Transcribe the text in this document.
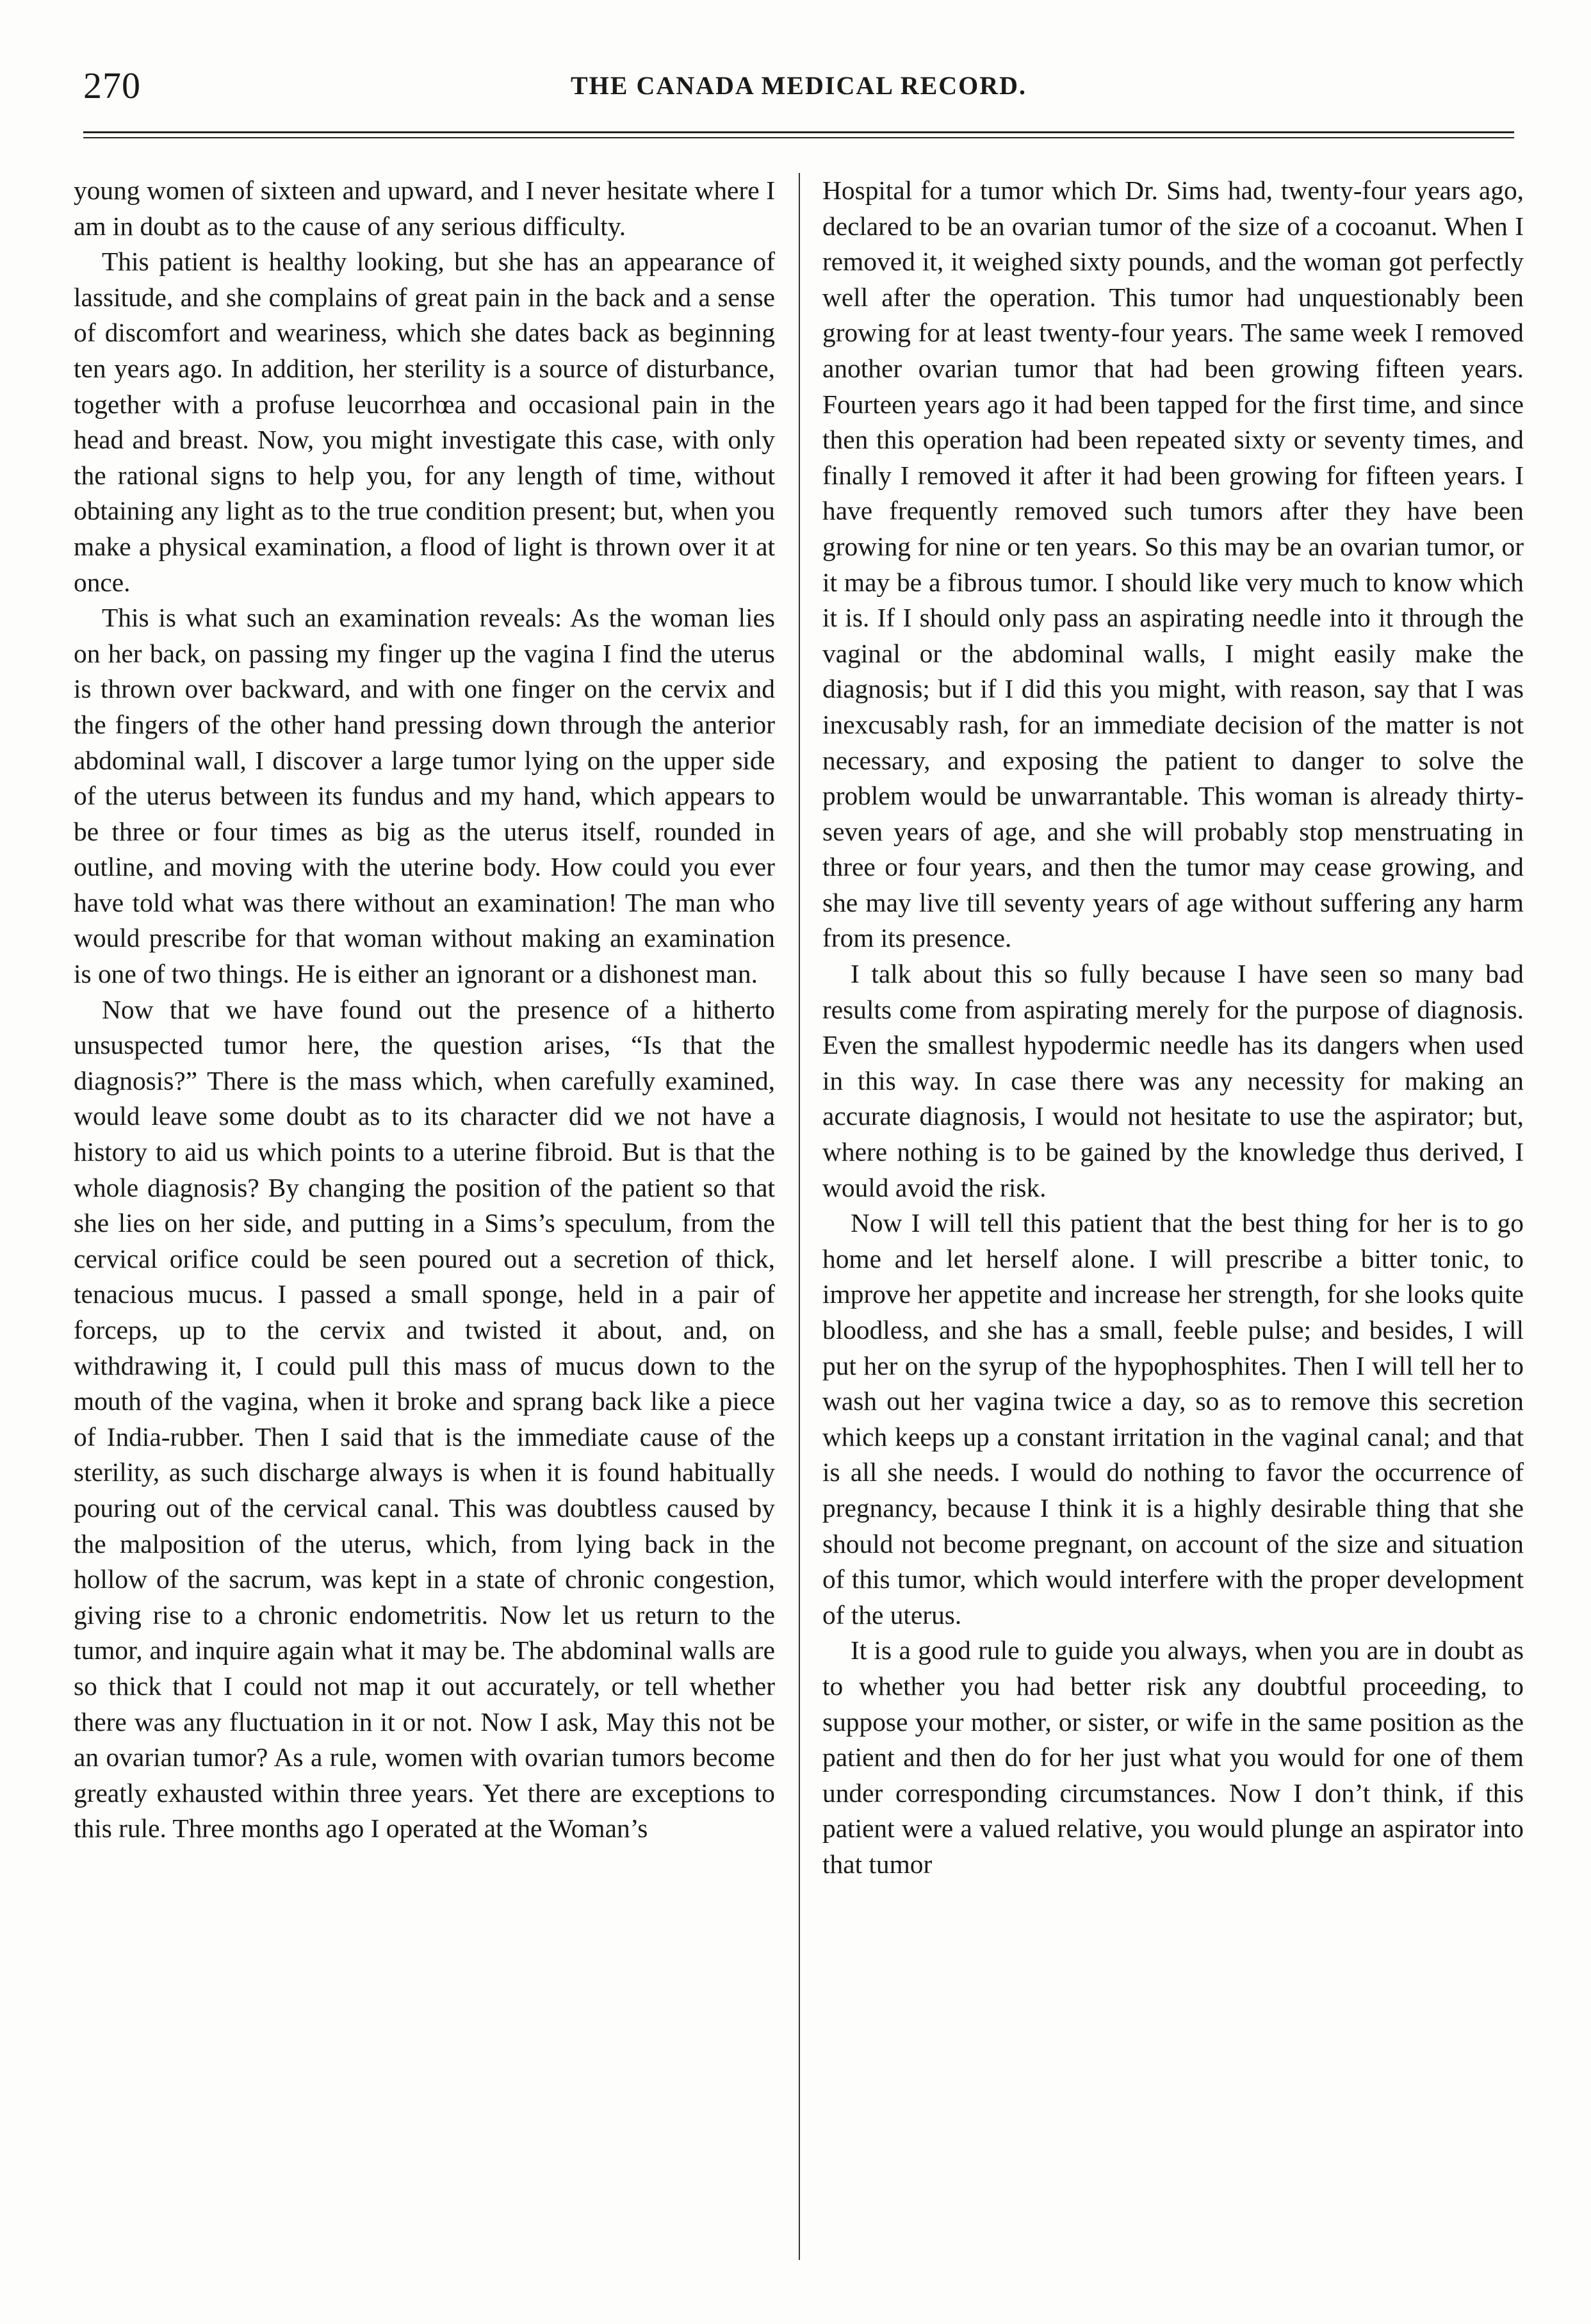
270	THE CANADA MEDICAL RECORD.

young women of sixteen and upward, and I never hesitate where I am in doubt as to the cause of any serious difficulty.

This patient is healthy looking, but she has an appearance of lassitude, and she complains of great pain in the back and a sense of discomfort and weariness, which she dates back as beginning ten years ago. In addition, her sterility is a source of disturbance, together with a profuse leucorrhœa and occasional pain in the head and breast. Now, you might investigate this case, with only the rational signs to help you, for any length of time, without obtaining any light as to the true condition present; but, when you make a physical examination, a flood of light is thrown over it at once.

This is what such an examination reveals: As the woman lies on her back, on passing my finger up the vagina I find the uterus is thrown over backward, and with one finger on the cervix and the fingers of the other hand pressing down through the anterior abdominal wall, I discover a large tumor lying on the upper side of the uterus between its fundus and my hand, which appears to be three or four times as big as the uterus itself, rounded in outline, and moving with the uterine body. How could you ever have told what was there without an examination! The man who would prescribe for that woman without making an examination is one of two things. He is either an ignorant or a dishonest man.

Now that we have found out the presence of a hitherto unsuspected tumor here, the question arises, “Is that the diagnosis?” There is the mass which, when carefully examined, would leave some doubt as to its character did we not have a history to aid us which points to a uterine fibroid. But is that the whole diagnosis? By changing the position of the patient so that she lies on her side, and putting in a Sims’s speculum, from the cervical orifice could be seen poured out a secretion of thick, tenacious mucus. I passed a small sponge, held in a pair of forceps, up to the cervix and twisted it about, and, on withdrawing it, I could pull this mass of mucus down to the mouth of the vagina, when it broke and sprang back like a piece of India-rubber. Then I said that is the immediate cause of the sterility, as such discharge always is when it is found habitually pouring out of the cervical canal. This was doubtless caused by the malposition of the uterus, which, from lying back in the hollow of the sacrum, was kept in a state of chronic congestion, giving rise to a chronic endometritis. Now let us return to the tumor, and inquire again what it may be. The abdominal walls are so thick that I could not map it out accurately, or tell whether there was any fluctuation in it or not. Now I ask, May this not be an ovarian tumor? As a rule, women with ovarian tumors become greatly exhausted within three years. Yet there are exceptions to this rule. Three months ago I operated at the Woman’s

Hospital for a tumor which Dr. Sims had, twenty-four years ago, declared to be an ovarian tumor of the size of a cocoanut. When I removed it, it weighed sixty pounds, and the woman got perfectly well after the operation. This tumor had unquestionably been growing for at least twenty-four years. The same week I removed another ovarian tumor that had been growing fifteen years. Fourteen years ago it had been tapped for the first time, and since then this operation had been repeated sixty or seventy times, and finally I removed it after it had been growing for fifteen years. I have frequently removed such tumors after they have been growing for nine or ten years. So this may be an ovarian tumor, or it may be a fibrous tumor. I should like very much to know which it is. If I should only pass an aspirating needle into it through the vaginal or the abdominal walls, I might easily make the diagnosis; but if I did this you might, with reason, say that I was inexcusably rash, for an immediate decision of the matter is not necessary, and exposing the patient to danger to solve the problem would be unwarrantable. This woman is already thirty-seven years of age, and she will probably stop menstruating in three or four years, and then the tumor may cease growing, and she may live till seventy years of age without suffering any harm from its presence.

I talk about this so fully because I have seen so many bad results come from aspirating merely for the purpose of diagnosis. Even the smallest hypodermic needle has its dangers when used in this way. In case there was any necessity for making an accurate diagnosis, I would not hesitate to use the aspirator; but, where nothing is to be gained by the knowledge thus derived, I would avoid the risk.

Now I will tell this patient that the best thing for her is to go home and let herself alone. I will prescribe a bitter tonic, to improve her appetite and increase her strength, for she looks quite bloodless, and she has a small, feeble pulse; and besides, I will put her on the syrup of the hypophosphites. Then I will tell her to wash out her vagina twice a day, so as to remove this secretion which keeps up a constant irritation in the vaginal canal; and that is all she needs. I would do nothing to favor the occurrence of pregnancy, because I think it is a highly desirable thing that she should not become pregnant, on account of the size and situation of this tumor, which would interfere with the proper development of the uterus.

It is a good rule to guide you always, when you are in doubt as to whether you had better risk any doubtful proceeding, to suppose your mother, or sister, or wife in the same position as the patient and then do for her just what you would for one of them under corresponding circumstances. Now I don’t think, if this patient were a valued relative, you would plunge an aspirator into that tumor
